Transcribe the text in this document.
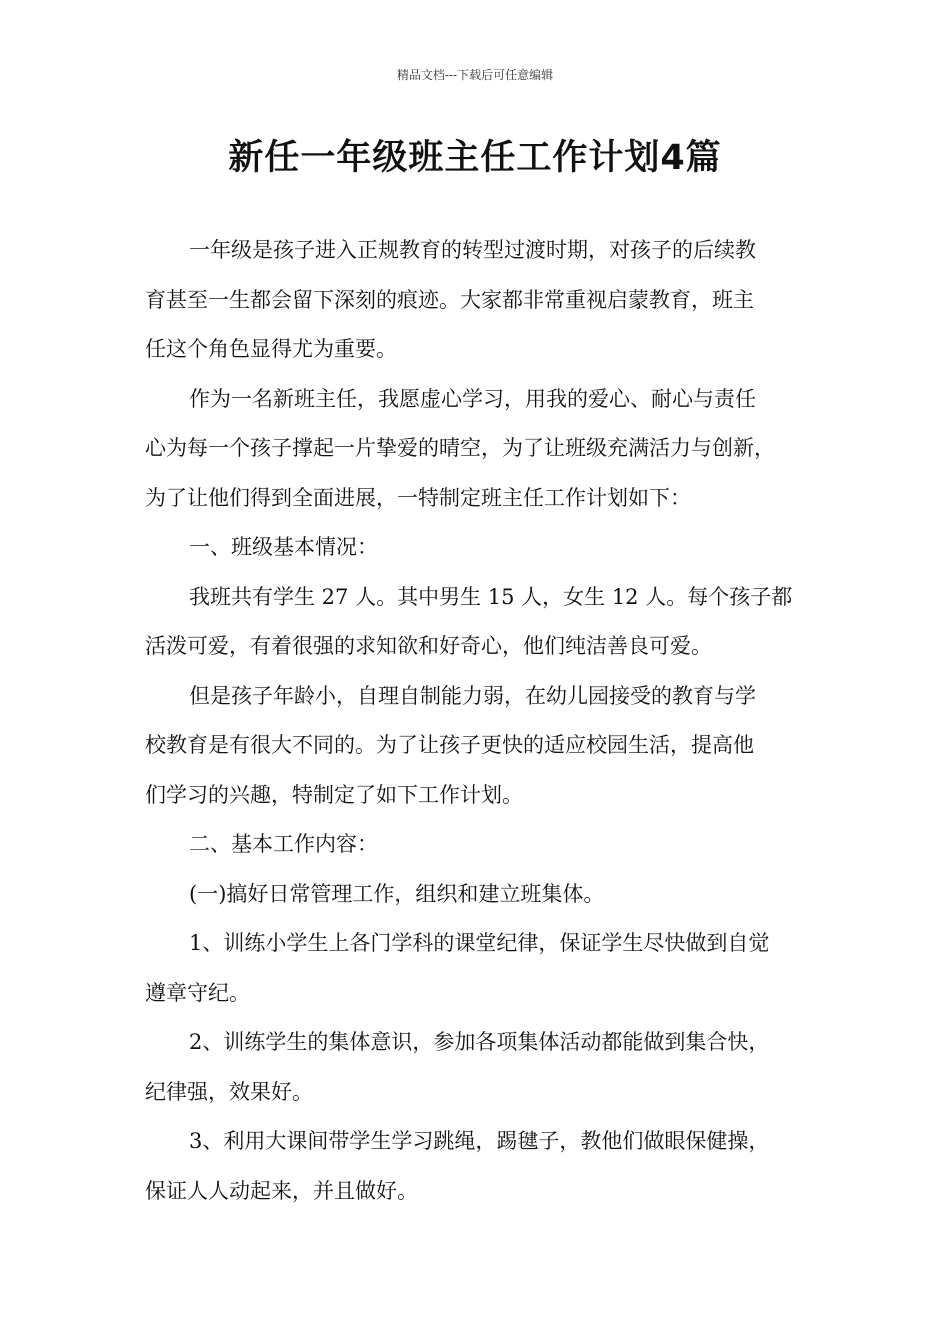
精品文档---下载后可任意编辑
新任一年级班主任工作计划4篇

一年级是孩子进入正规教育的转型过渡时期，对孩子的后续教
育甚至一生都会留下深刻的痕迹。大家都非常重视启蒙教育，班主
任这个角色显得尤为重要。

作为一名新班主任，我愿虚心学习，用我的爱心、耐心与责任
心为每一个孩子撑起一片挚爱的晴空，为了让班级充满活力与创新，
为了让他们得到全面进展，一特制定班主任工作计划如下：

一、班级基本情况：

我班共有学生 27 人。其中男生 15 人，女生 12 人。每个孩子都
活泼可爱，有着很强的求知欲和好奇心，他们纯洁善良可爱。

但是孩子年龄小，自理自制能力弱，在幼儿园接受的教育与学
校教育是有很大不同的。为了让孩子更快的适应校园生活，提高他
们学习的兴趣，特制定了如下工作计划。

二、基本工作内容：

(一)搞好日常管理工作，组织和建立班集体。

1、训练小学生上各门学科的课堂纪律，保证学生尽快做到自觉
遵章守纪。

2、训练学生的集体意识，参加各项集体活动都能做到集合快，
纪律强，效果好。

3、利用大课间带学生学习跳绳，踢毽子，教他们做眼保健操，
保证人人动起来，并且做好。
